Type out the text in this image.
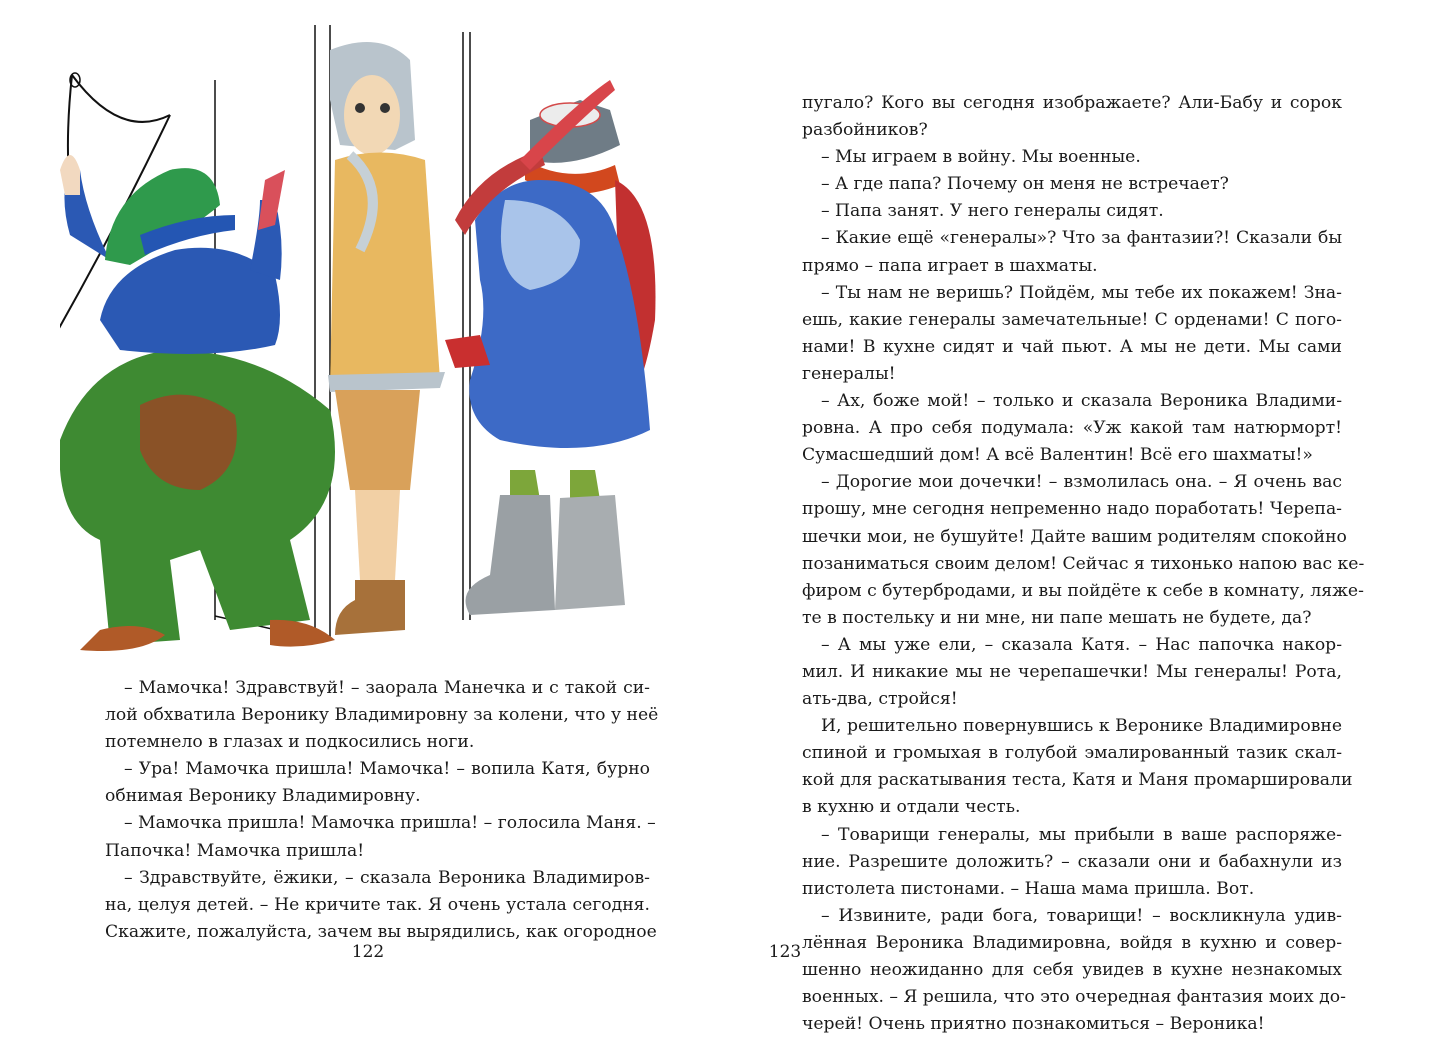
– Мамочка! Здравствуй! – заорала Манечка и с такой си-
лой обхватила Веронику Владимировну за колени, что у неё
потемнело в глазах и подкосились ноги.
– Ура! Мамочка пришла! Мамочка! – вопила Катя, бурно
обнимая Веронику Владимировну.
– Мамочка пришла! Мамочка пришла! – голосила Маня. –
Папочка! Мамочка пришла!
– Здравствуйте, ёжики, – сказала Вероника Владимиров-
на, целуя детей. – Не кричите так. Я очень устала сегодня.
Скажите, пожалуйста, зачем вы вырядились, как огородное
122
пугало? Кого вы сегодня изображаете? Али-Бабу и сорок
разбойников?
– Мы играем в войну. Мы военные.
– А где папа? Почему он меня не встречает?
– Папа занят. У него генералы сидят.
– Какие ещё «генералы»? Что за фантазии?! Сказали бы
прямо – папа играет в шахматы.
– Ты нам не веришь? Пойдём, мы тебе их покажем! Зна-
ешь, какие генералы замечательные! С орденами! С пого-
нами! В кухне сидят и чай пьют. А мы не дети. Мы сами
генералы!
– Ах, боже мой! – только и сказала Вероника Владими-
ровна. А про себя подумала: «Уж какой там натюрморт!
Сумасшедший дом! А всё Валентин! Всё его шахматы!»
– Дорогие мои дочечки! – взмолилась она. – Я очень вас
прошу, мне сегодня непременно надо поработать! Черепа-
шечки мои, не бушуйте! Дайте вашим родителям спокойно
позаниматься своим делом! Сейчас я тихонько напою вас ке-
фиром с бутербродами, и вы пойдёте к себе в комнату, ляже-
те в постельку и ни мне, ни папе мешать не будете, да?
– А мы уже ели, – сказала Катя. – Нас папочка накор-
мил. И никакие мы не черепашечки! Мы генералы! Рота,
ать-два, стройся!
И, решительно повернувшись к Веронике Владимировне
спиной и громыхая в голубой эмалированный тазик скал-
кой для раскатывания теста, Катя и Маня промаршировали
в кухню и отдали честь.
– Товарищи генералы, мы прибыли в ваше распоряже-
ние. Разрешите доложить? – сказали они и бабахнули из
пистолета пистонами. – Наша мама пришла. Вот.
– Извините, ради бога, товарищи! – воскликнула удив-
лённая Вероника Владимировна, войдя в кухню и совер-
шенно неожиданно для себя увидев в кухне незнакомых
военных. – Я решила, что это очередная фантазия моих до-
черей! Очень приятно познакомиться – Вероника!
123
